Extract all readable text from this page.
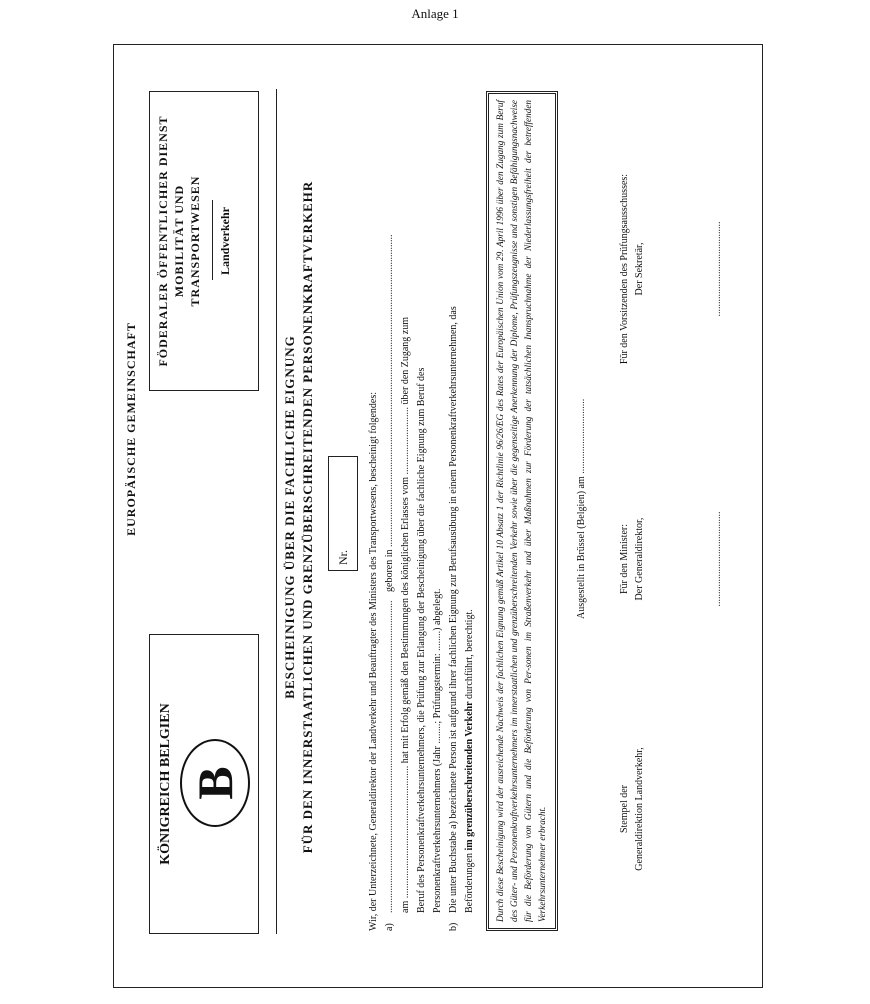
Anlage 1
KÖNIGREICH BELGIEN B
EUROPÄISCHE GEMEINSCHAFT
FÖDERALER ÖFFENTLICHER DIENST MOBILITÄT UND TRANSPORTWESEN Landverkehr
BESCHEINIGUNG ÜBER DIE FACHLICHE EIGNUNG FÜR DEN INNERSTAATLICHEN UND GRENZÜBERSCHREITENDEN PERSONENKRAFTVERKEHR Nr. Wir, der Unterzeichnete, Generaldirektor der Landverkehr und Beauftragter des Ministers des Transportwesens, bescheinigt folgendes: a)
............................................................................................................................. geboren in ............................................................................................................................. am ..................................................... hat mit Erfolg gemäß den Bestimmungen des königlichen Erlasses vom ........................... über den Zugang zum Beruf des Personenkraftverkehrsunternehmers, die Prüfung zur Erlangung der Bescheinigung über die fachliche Eignung zum Beruf des Personenkraftverkehrsunternehmers (Jahr ........; Prüfungstermin: ........) abgelegt.
b)
Die unter Buchstabe a) bezeichnete Person ist aufgrund ihrer fachlichen Eignung zur Berufsausübung in einem Personenkraftverkehrsunternehmen, das Beförderungen im grenzüberschreitenden Verkehr durchführt, berechtigt. Durch diese Bescheinigung wird der ausreichende Nachweis der fachlichen Eignung gemäß Artikel 10 Absatz 1 der Richtlinie 96/26/EG des Rates der Europäischen Union vom 29. April 1996 über den Zugang zum Beruf des Güter- und Personenkraftverkehrsunternehmers im innerstaatlichen und grenzüberschreitenden Verkehr sowie über die gegenseitige Anerkennung der Diplome, Prüfungszeugnisse und sonstigen Befähigungsnachweise für die Beförderung von Gütern und die Beförderung von Per-sonen im Straßenverkehr und über Maßnahmen zur Förderung der tatsächlichen Inanspruchnahme der Niederlassungsfreiheit der betreffenden Verkehrsunternehmer erbracht.

Ausgestellt in Brüssel (Belgien) am ..............................
Stempel der Generaldirektion Landverkehr,
Für den Minister: Der Generaldirektor,	......................................
Für den Vorsitzenden des Prüfungsausschusses: Der Sekretär,	......................................
